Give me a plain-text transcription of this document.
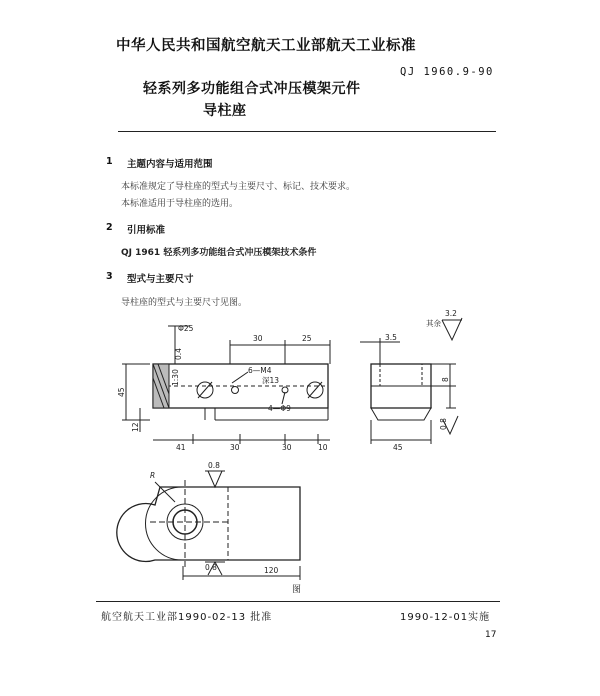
中华人民共和国航空航天工业部航天工业标准
QJ 1960.9-90
轻系列多功能组合式冲压模架元件
导柱座
1 主题内容与适用范围
本标准规定了导柱座的型式与主要尺寸、标记、技术要求。
本标准适用于导柱座的选用。
2 引用标准
QJ 1961 轻系列多功能组合式冲压模架技术条件
3 型式与主要尺寸
导柱座的型式与主要尺寸见图。
其余
3.2
Φ25
0.4
1:30
30	25
6—M4
深13
4—Φ9
45
12
41	30	30	10
3.5
8
0.8
45
R
0.8
0.8	120
图
航空航天工业部1990-02-13 批准	1990-12-01实施
17
